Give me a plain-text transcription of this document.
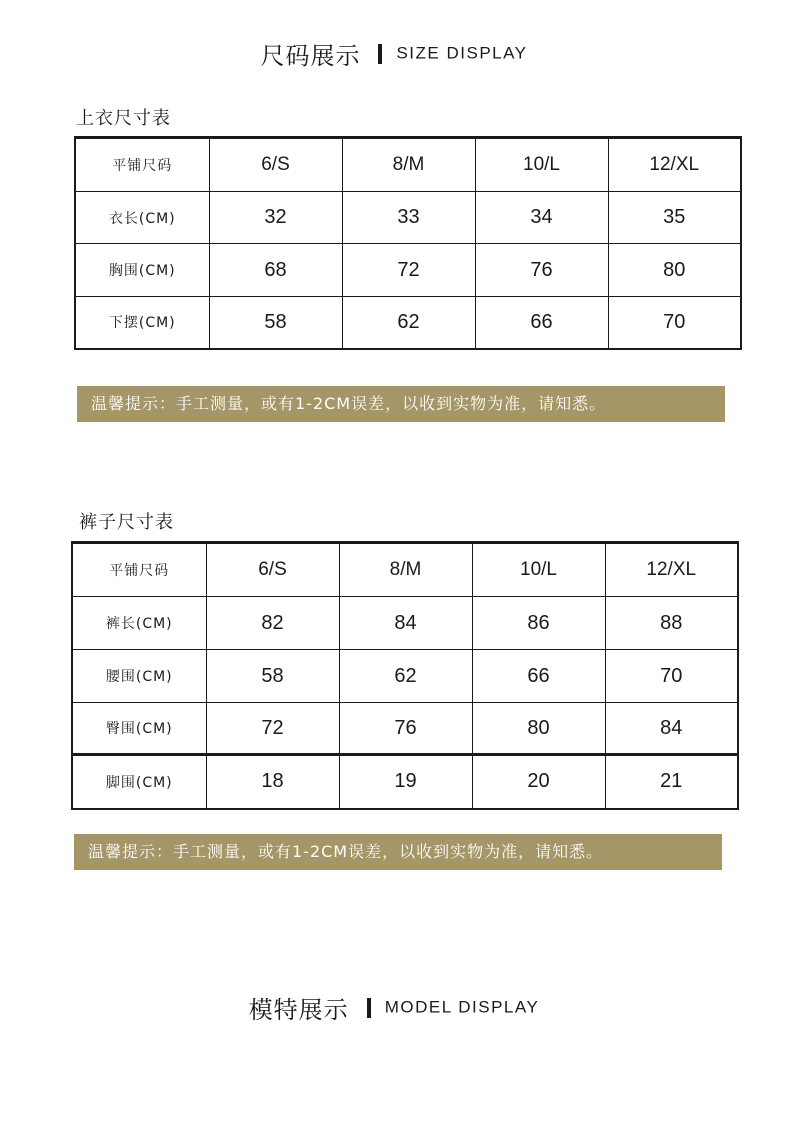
尺码展示 SIZE DISPLAY
上衣尺寸表
平铺尺码	6/S	8/M	10/L	12/XL
衣长(CM)	32	33	34	35
胸围(CM)	68	72	76	80
下摆(CM)	58	62	66	70
温馨提示：手工测量，或有1-2CM误差，以收到实物为准，请知悉。
裤子尺寸表
平铺尺码	6/S	8/M	10/L	12/XL
裤长(CM)	82	84	86	88
腰围(CM)	58	62	66	70
臀围(CM)	72	76	80	84
脚围(CM)	18	19	20	21
温馨提示：手工测量，或有1-2CM误差，以收到实物为准，请知悉。
模特展示 MODEL DISPLAY
